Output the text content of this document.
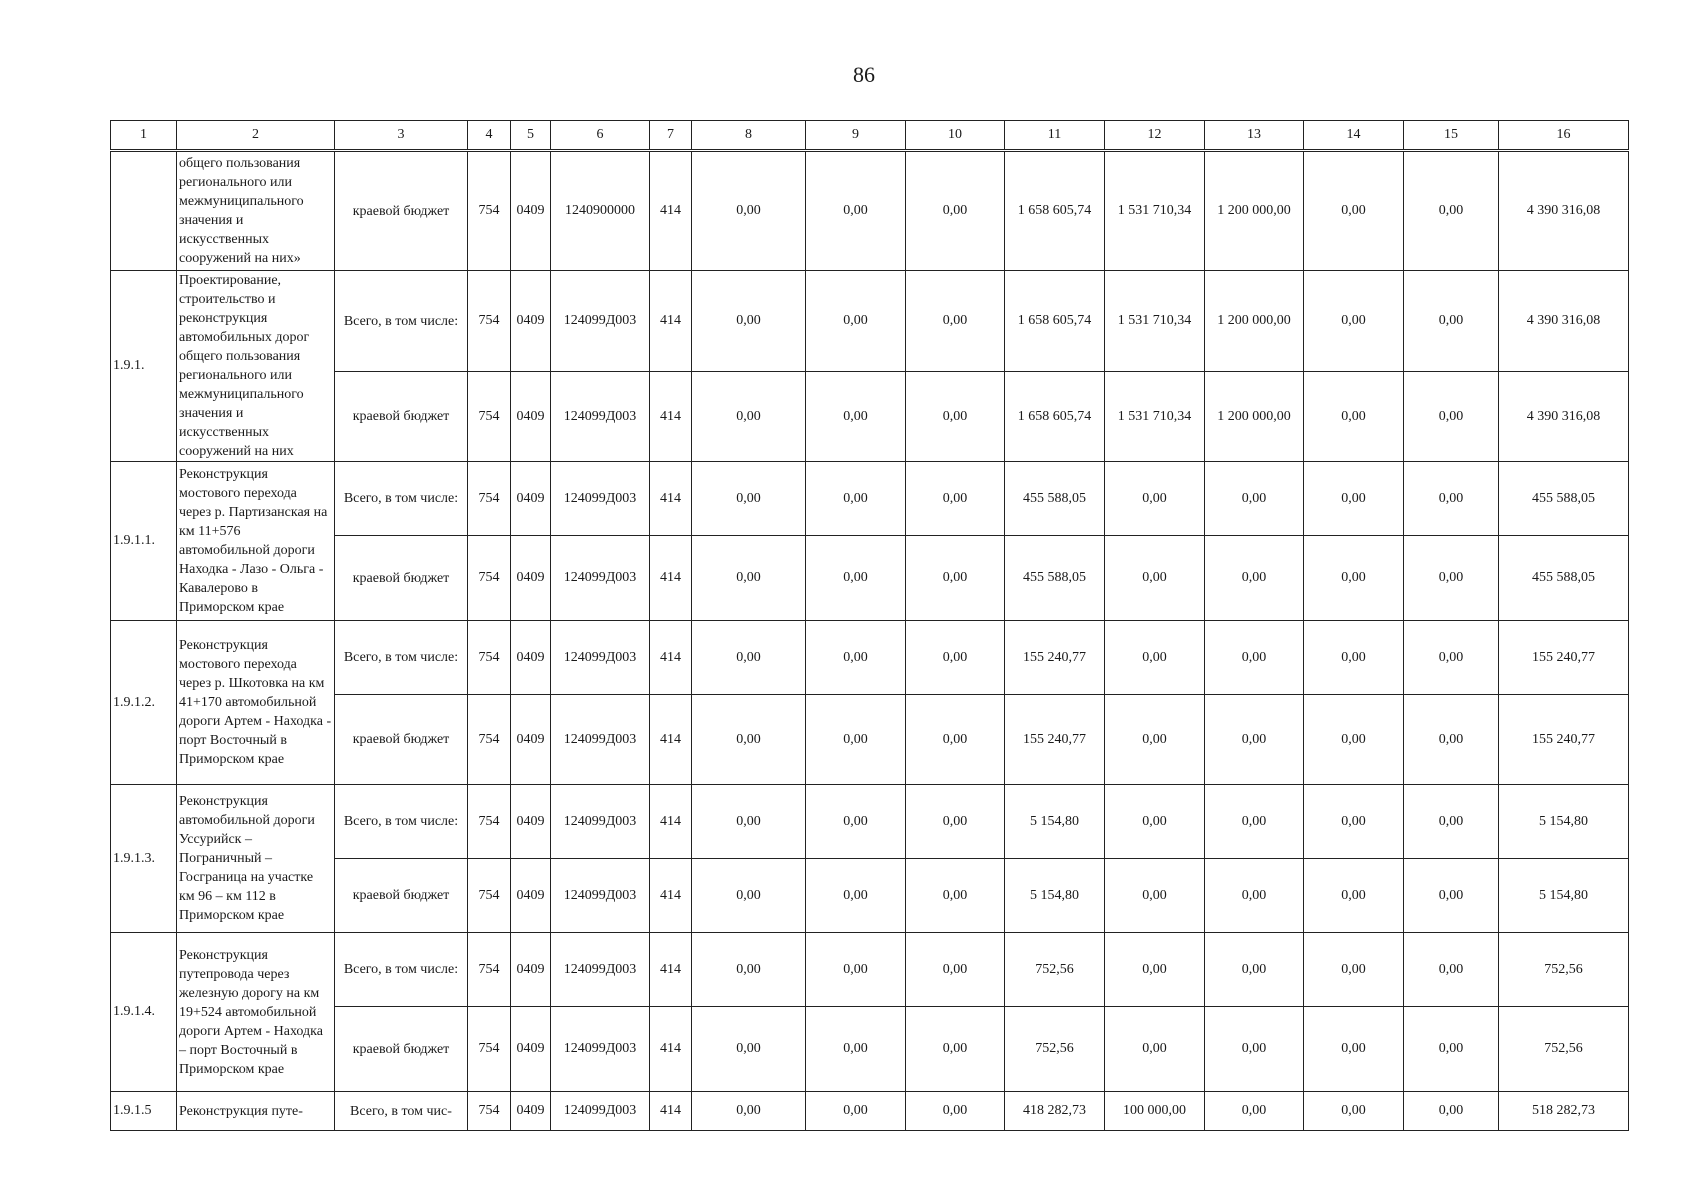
86
1	2	3	4	5	6	7	8	9	10	11	12	13	14	15	16
	общего пользования регионального или межмуниципального значения и искусственных сооружений на них»	краевой бюджет	754	0409	1240900000	414	0,00	0,00	0,00	1 658 605,74	1 531 710,34	1 200 000,00	0,00	0,00	4 390 316,08
1.9.1.	Проектирование, строительство и реконструкция автомобильных дорог общего пользования регионального или межмуниципального значения и искусственных сооружений на них	Всего, в том числе:	754	0409	124099Д003	414	0,00	0,00	0,00	1 658 605,74	1 531 710,34	1 200 000,00	0,00	0,00	4 390 316,08
		краевой бюджет	754	0409	124099Д003	414	0,00	0,00	0,00	1 658 605,74	1 531 710,34	1 200 000,00	0,00	0,00	4 390 316,08
1.9.1.1.	Реконструкция мостового перехода через р. Партизанская на км 11+576 автомобильной дороги Находка - Лазо - Ольга - Кавалерово в Приморском крае	Всего, в том числе:	754	0409	124099Д003	414	0,00	0,00	0,00	455 588,05	0,00	0,00	0,00	0,00	455 588,05
		краевой бюджет	754	0409	124099Д003	414	0,00	0,00	0,00	455 588,05	0,00	0,00	0,00	0,00	455 588,05
1.9.1.2.	Реконструкция мостового перехода через р. Шкотовка на км 41+170 автомобильной дороги Артем - Находка - порт Восточный в Приморском крае	Всего, в том числе:	754	0409	124099Д003	414	0,00	0,00	0,00	155 240,77	0,00	0,00	0,00	0,00	155 240,77
		краевой бюджет	754	0409	124099Д003	414	0,00	0,00	0,00	155 240,77	0,00	0,00	0,00	0,00	155 240,77
1.9.1.3.	Реконструкция автомобильной дороги Уссурийск – Пограничный – Госграница на участке км 96 – км 112 в Приморском крае	Всего, в том числе:	754	0409	124099Д003	414	0,00	0,00	0,00	5 154,80	0,00	0,00	0,00	0,00	5 154,80
		краевой бюджет	754	0409	124099Д003	414	0,00	0,00	0,00	5 154,80	0,00	0,00	0,00	0,00	5 154,80
1.9.1.4.	Реконструкция путепровода через железную дорогу на км 19+524 автомобильной дороги Артем - Находка – порт Восточный в Приморском крае	Всего, в том числе:	754	0409	124099Д003	414	0,00	0,00	0,00	752,56	0,00	0,00	0,00	0,00	752,56
		краевой бюджет	754	0409	124099Д003	414	0,00	0,00	0,00	752,56	0,00	0,00	0,00	0,00	752,56
1.9.1.5	Реконструкция путе-	Всего, в том чис-	754	0409	124099Д003	414	0,00	0,00	0,00	418 282,73	100 000,00	0,00	0,00	0,00	518 282,73
